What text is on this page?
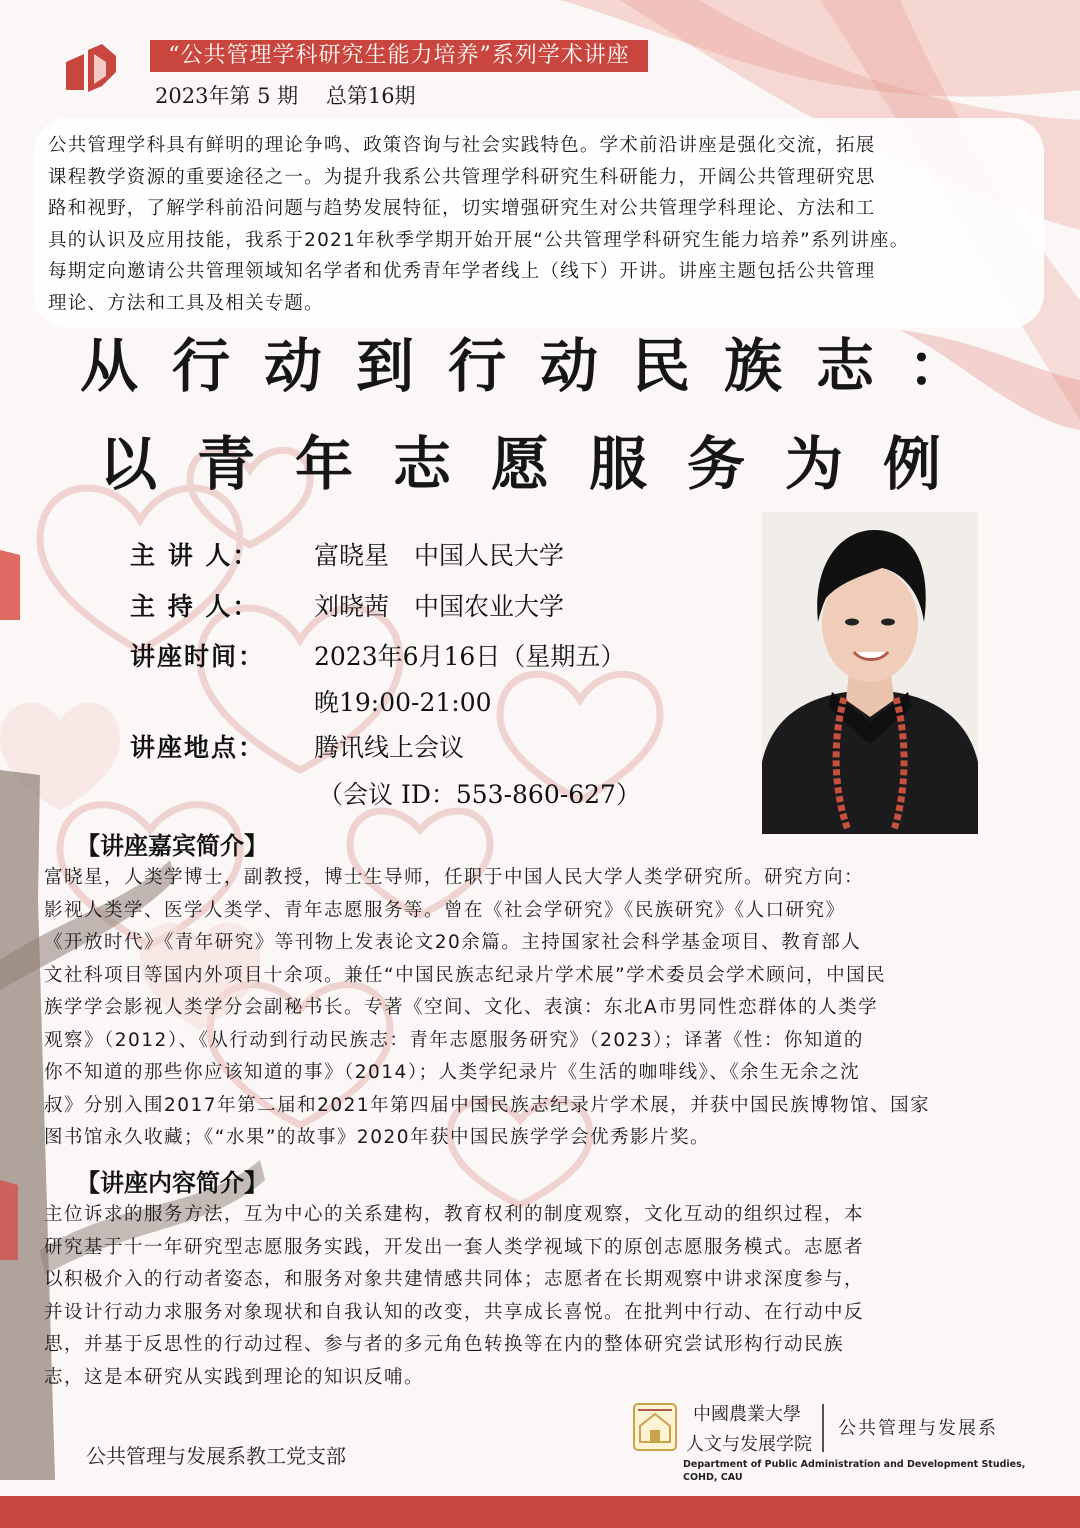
“公共管理学科研究生能力培养”系列学术讲座
2023年第 5 期　 总第16期
公共管理学科具有鲜明的理论争鸣、政策咨询与社会实践特色。学术前沿讲座是强化交流，拓展
课程教学资源的重要途径之一。为提升我系公共管理学科研究生科研能力，开阔公共管理研究思
路和视野，了解学科前沿问题与趋势发展特征，切实增强研究生对公共管理学科理论、方法和工
具的认识及应用技能，我系于2021年秋季学期开始开展“公共管理学科研究生能力培养”系列讲座。
每期定向邀请公共管理领域知名学者和优秀青年学者线上（线下）开讲。讲座主题包括公共管理
理论、方法和工具及相关专题。
从行动到行动民族志：
以青年志愿服务为例
主 讲 人： 富晓星　中国人民大学
主 持 人： 刘晓茜　中国农业大学
讲座时间： 2023年6月16日（星期五）
晚19:00-21:00
讲座地点： 腾讯线上会议
（会议 ID：553-860-627）
【讲座嘉宾简介】
富晓星，人类学博士，副教授，博士生导师，任职于中国人民大学人类学研究所。研究方向：
影视人类学、医学人类学、青年志愿服务等。曾在《社会学研究》《民族研究》《人口研究》
《开放时代》《青年研究》等刊物上发表论文20余篇。主持国家社会科学基金项目、教育部人
文社科项目等国内外项目十余项。兼任“中国民族志纪录片学术展”学术委员会学术顾问，中国民
族学学会影视人类学分会副秘书长。专著《空间、文化、表演：东北A市男同性恋群体的人类学
观察》（2012）、《从行动到行动民族志：青年志愿服务研究》（2023）；译著《性：你知道的
你不知道的那些你应该知道的事》（2014）；人类学纪录片《生活的咖啡线》、《余生无余之沈
叔》分别入围2017年第二届和2021年第四届中国民族志纪录片学术展，并获中国民族博物馆、国家
图书馆永久收藏；《“水果”的故事》2020年获中国民族学学会优秀影片奖。
【讲座内容简介】
主位诉求的服务方法，互为中心的关系建构，教育权利的制度观察，文化互动的组织过程，本
研究基于十一年研究型志愿服务实践，开发出一套人类学视域下的原创志愿服务模式。志愿者
以积极介入的行动者姿态，和服务对象共建情感共同体；志愿者在长期观察中讲求深度参与，
并设计行动力求服务对象现状和自我认知的改变，共享成长喜悦。在批判中行动、在行动中反
思，并基于反思性的行动过程、参与者的多元角色转换等在内的整体研究尝试形构行动民族
志，这是本研究从实践到理论的知识反哺。
公共管理与发展系教工党支部
中國農業大學
人文与发展学院
公共管理与发展系
Department of Public Administration and Development Studies, COHD, CAU
